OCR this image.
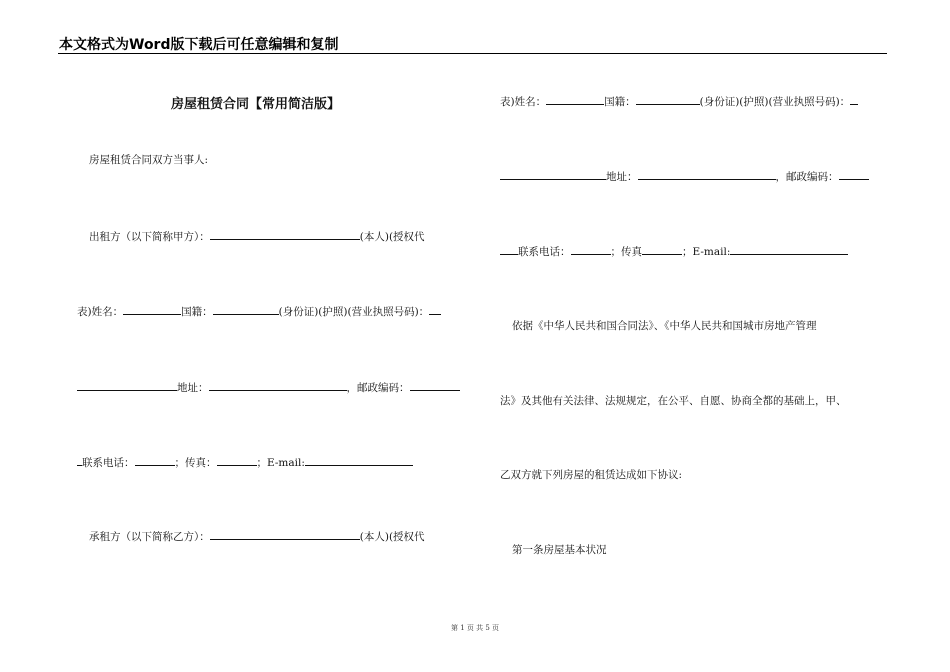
本文格式为Word版下载后可任意编辑和复制
房屋租赁合同【常用简洁版】
房屋租赁合同双方当事人:
出租方（以下简称甲方）：	(本人)(授权代
表)姓名：	国籍：	(身份证)(护照)(营业执照号码)：
地址：	，邮政编码：
联系电话：	；传真：	；E-mail:
承租方（以下简称乙方）：	(本人)(授权代
表)姓名：	国籍：	(身份证)(护照)(营业执照号码)：
地址：	，邮政编码：
联系电话：	；传真	；E-mail:
依据《中华人民共和国合同法》、《中华人民共和国城市房地产管理
法》及其他有关法律、法规规定，在公平、自愿、协商全都的基础上，甲、
乙双方就下列房屋的租赁达成如下协议:
第一条房屋基本状况
第 1 页 共 5 页
